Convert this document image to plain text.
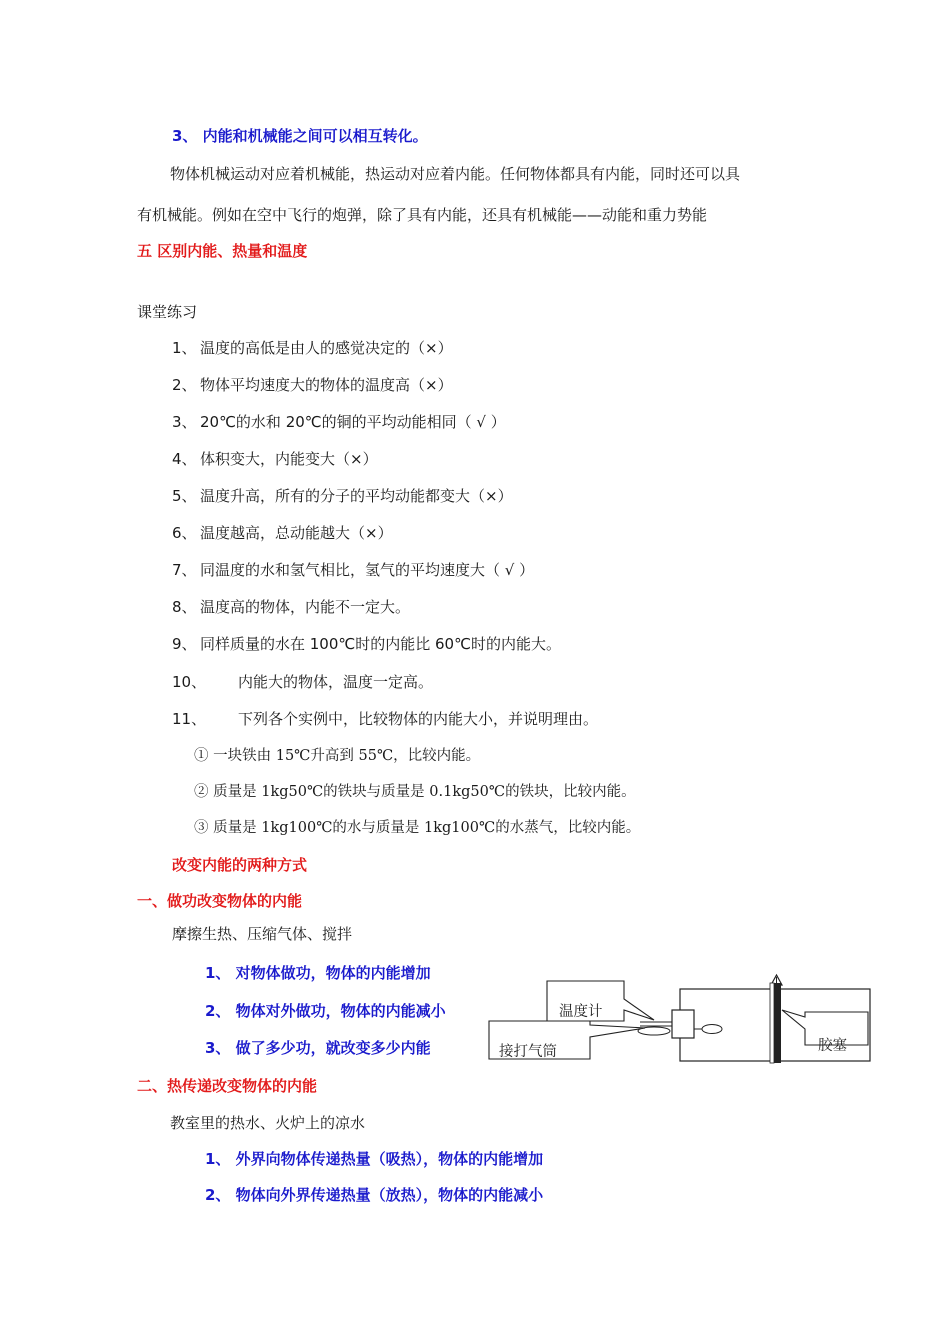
3、 内能和机械能之间可以相互转化。
物体机械运动对应着机械能，热运动对应着内能。任何物体都具有内能，同时还可以具
有机械能。例如在空中飞行的炮弹，除了具有内能，还具有机械能——动能和重力势能
五 区别内能、热量和温度
课堂练习
1、 温度的高低是由人的感觉决定的（×）
2、 物体平均速度大的物体的温度高（×）
3、 20℃的水和 20℃的铜的平均动能相同（ √ ）
4、 体积变大，内能变大（×）
5、 温度升高，所有的分子的平均动能都变大（×）
6、 温度越高，总动能越大（×）
7、 同温度的水和氢气相比，氢气的平均速度大（ √ ）
8、 温度高的物体，内能不一定大。
9、 同样质量的水在 100℃时的内能比 60℃时的内能大。
10、 内能大的物体，温度一定高。
11、 下列各个实例中，比较物体的内能大小，并说明理由。
① 一块铁由 15℃升高到 55℃，比较内能。
② 质量是 1kg50℃的铁块与质量是 0.1kg50℃的铁块，比较内能。
③ 质量是 1kg100℃的水与质量是 1kg100℃的水蒸气，比较内能。
改变内能的两种方式
一、做功改变物体的内能
摩擦生热、压缩气体、搅拌
1、 对物体做功，物体的内能增加
2、 物体对外做功，物体的内能减小
3、 做了多少功，就改变多少内能
二、热传递改变物体的内能
教室里的热水、火炉上的凉水
1、 外界向物体传递热量（吸热），物体的内能增加
2、 物体向外界传递热量（放热），物体的内能减小
温度计
接打气筒	胶塞
